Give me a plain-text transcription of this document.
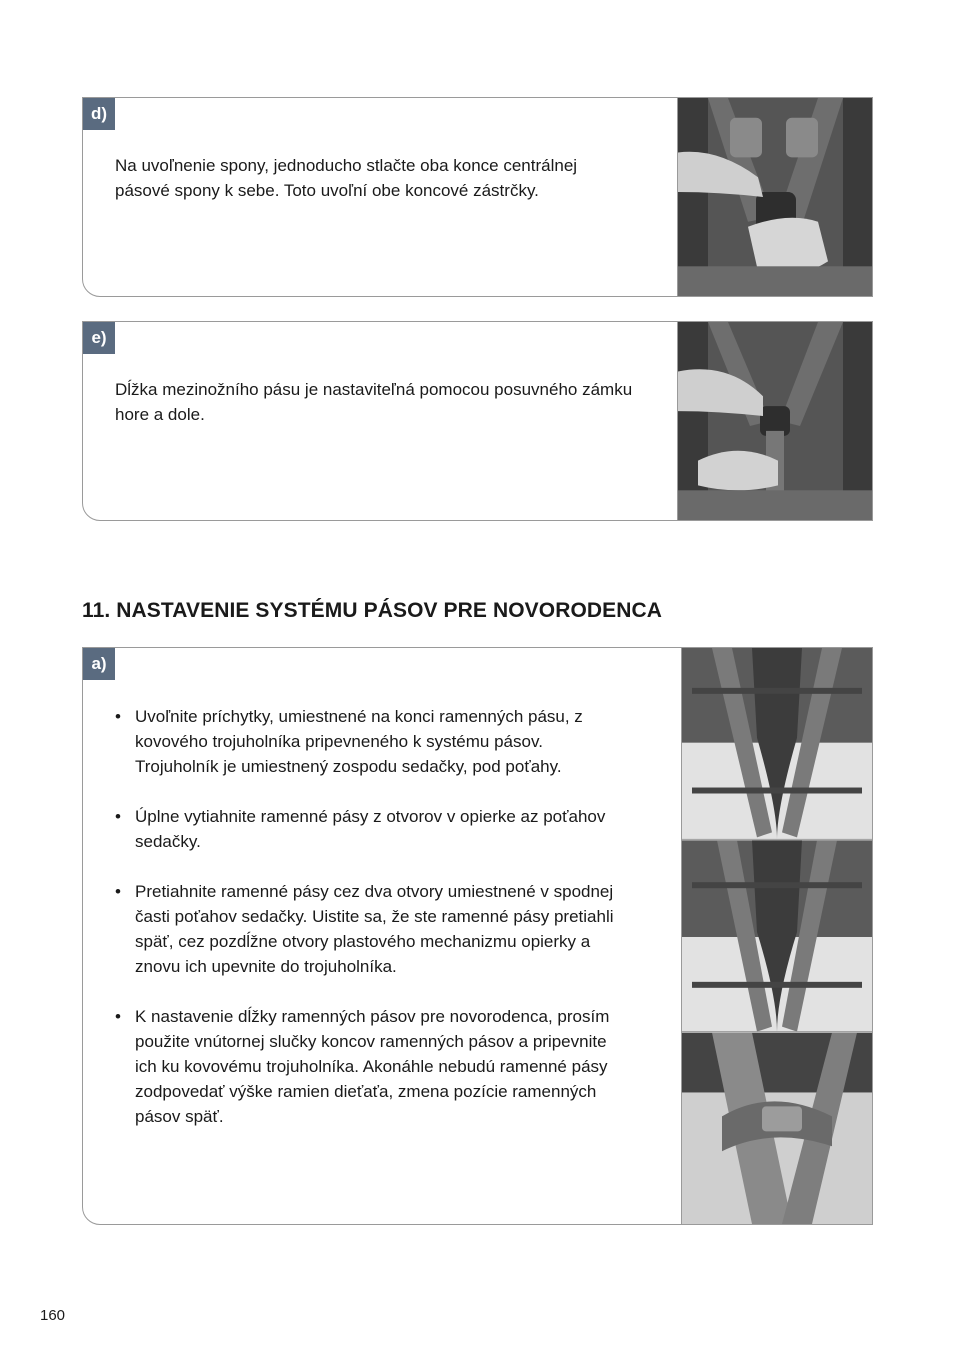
d)
Na uvoľnenie spony, jednoducho stlačte oba konce centrálnej pásové spony k sebe. Toto uvoľní obe koncové zástrčky.
e)
Dĺžka mezinožního pásu je nastaviteľná pomocou posuvného zámku hore a dole.
11. NASTAVENIE SYSTÉMU PÁSOV PRE NOVORODENCA
a)
• Uvoľnite príchytky, umiestnené na konci ramenných pásu, z kovového trojuholníka pripevneného k systému pásov. Trojuholník je umiestnený zospodu sedačky, pod poťahy.
• Úplne vytiahnite ramenné pásy z otvorov v opierke az poťahov sedačky.
• Pretiahnite ramenné pásy cez dva otvory umiestnené v spodnej časti poťahov sedačky. Uistite sa, že ste ramenné pásy pretiahli späť, cez pozdĺžne otvory plastového mechanizmu opierky a znovu ich upevnite do trojuholníka.
• K nastavenie dĺžky ramenných pásov pre novorodenca, prosím použite vnútornej slučky koncov ramenných pásov a pripevnite ich ku kovovému trojuholníka. Akonáhle nebudú ramenné pásy zodpovedať výške ramien dieťaťa, zmena pozície ramenných pásov späť.
160
